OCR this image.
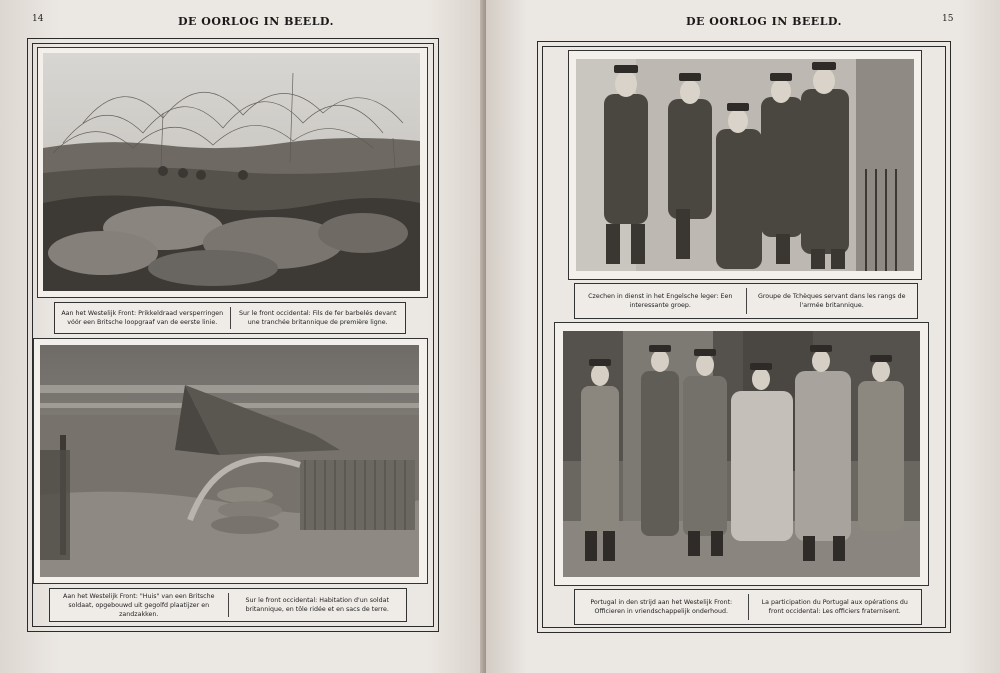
14	DE OORLOG IN BEELD.
Aan het Westelijk Front: Prikkeldraad versperringen vóór een Britsche loopgraaf van de eerste linie.
Sur le front occidental: Fils de fer barbelés devant une tranchée britannique de première ligne.
Aan het Westelijk Front: "Huis" van een Britsche soldaat, opgebouwd uit gegolfd plaatijzer en zandzakken.
Sur le front occidental: Habitation d'un soldat britannique, en tôle ridée et en sacs de terre.
DE OORLOG IN BEELD.	15
Czechen in dienst in het Engelsche leger: Een interessante groep.
Groupe de Tchèques servant dans les rangs de l'armée britannique.
Portugal in den strijd aan het Westelijk Front: Officieren in vriendschappelijk onderhoud.
La participation du Portugal aux opérations du front occidental: Les officiers fraternisent.
